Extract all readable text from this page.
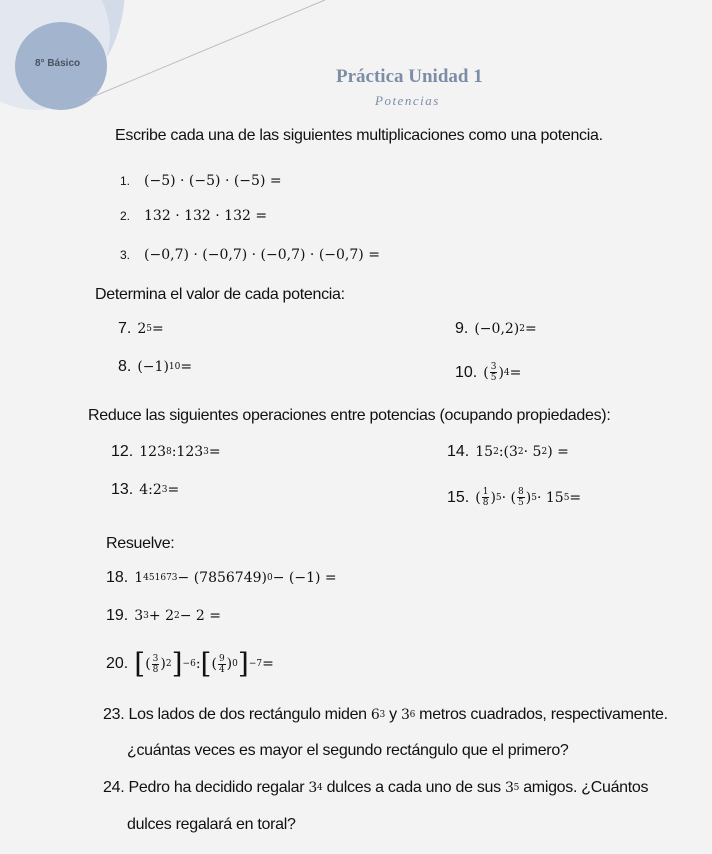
8° Básico
Práctica Unidad 1
Potencias
Escribe cada una de las siguientes multiplicaciones como una potencia.
1. (−5) · (−5) · (−5) =
2. 132 · 132 · 132 =
3. (−0,7) · (−0,7) · (−0,7) · (−0,7) =
Determina el valor de cada potencia:
7. 2 5 =
8. (−1) 10 =
9. (−0,2) 2 =
10. ( $\frac{3}{5}$ ) 4 =
Reduce las siguientes operaciones entre potencias (ocupando propiedades):
12. 123 8 :123 3 =
13. 4:2 3 =
14. 15 2 :(3 2 · 5 2 ) =
15. ( $\frac{1}{8}$ ) 5 · ( $\frac{8}{5}$ ) 5 · 15 5 =
Resuelve:
18. 1 451673 − (7856749) 0 − (−1) =
19. 3 3 + 2 2 − 2 =
20. [ ( $\frac{3}{8}$ ) 2 ] −6 : [ ( $\frac{9}{4}$ ) 0 ] −7 =
23. Los lados de dos rectángulo miden 6 3 y 3 6 metros cuadrados, respectivamente.
¿cuántas veces es mayor el segundo rectángulo que el primero?
24. Pedro ha decidido regalar 3 4 dulces a cada uno de sus 3 5 amigos. ¿Cuántos
dulces regalará en toral?
